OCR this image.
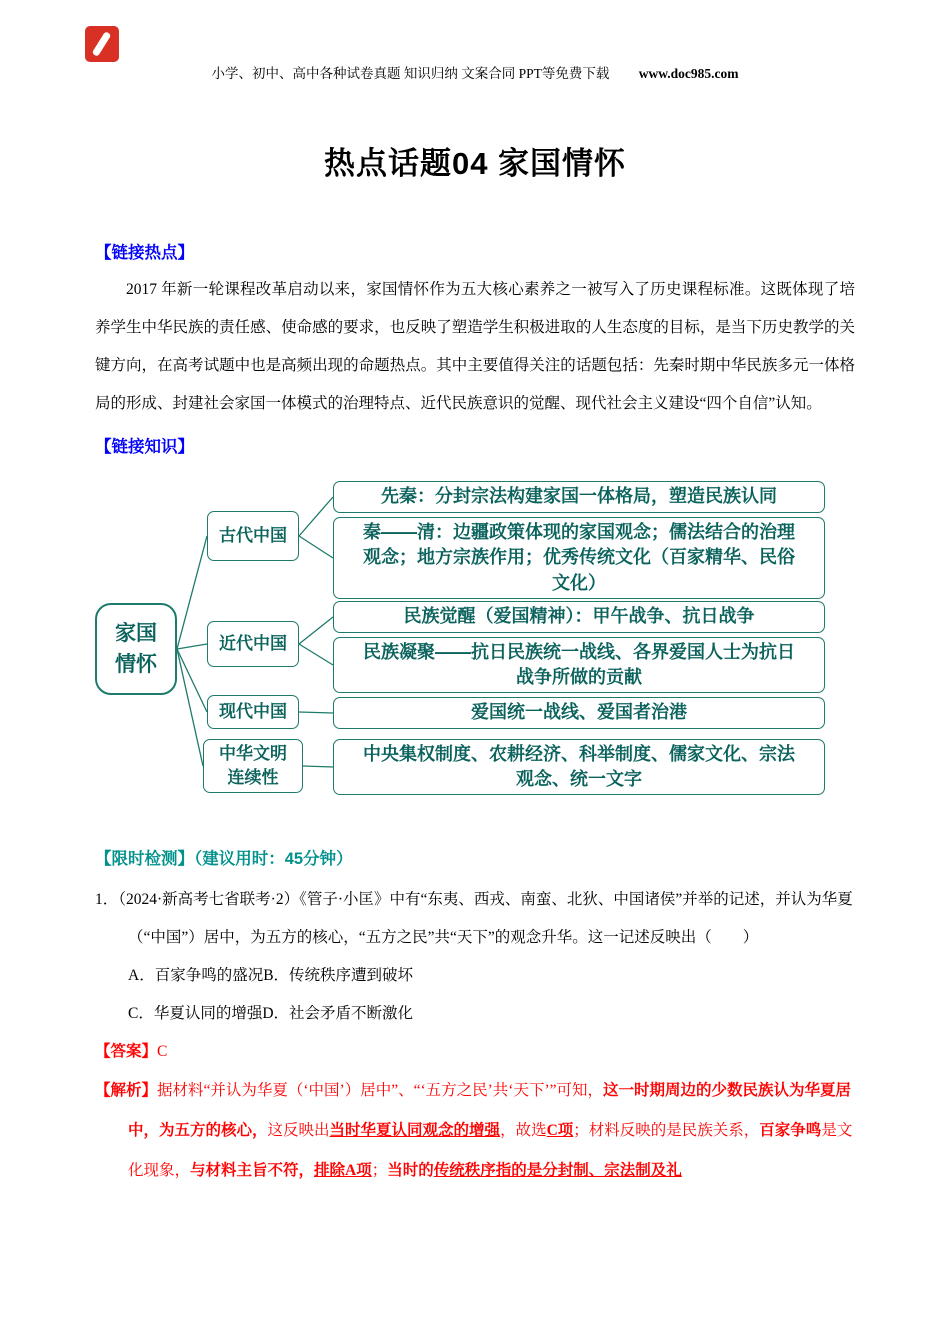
小学、初中、高中各种试卷真题 知识归纳 文案合同 PPT等免费下载 www.doc985.com
热点话题04 家国情怀
【链接热点】

2017 年新一轮课程改革启动以来，家国情怀作为五大核心素养之一被写入了历史课程标准。这既体现了培养学生中华民族的责任感、使命感的要求，也反映了塑造学生积极进取的人生态度的目标，是当下历史教学的关键方向，在高考试题中也是高频出现的命题热点。其中主要值得关注的话题包括：先秦时期中华民族多元一体格局的形成、封建社会家国一体模式的治理特点、近代民族意识的觉醒、现代社会主义建设“四个自信”认知。

【链接知识】
家国情怀
古代中国
近代中国
现代中国
中华文明连续性
先秦：分封宗法构建家国一体格局，塑造民族认同
秦——清：边疆政策体现的家国观念；儒法结合的治理观念；地方宗族作用；优秀传统文化（百家精华、民俗文化）
民族觉醒（爱国精神）：甲午战争、抗日战争
民族凝聚——抗日民族统一战线、各界爱国人士为抗日战争所做的贡献
爱国统一战线、爱国者治港
中央集权制度、农耕经济、科举制度、儒家文化、宗法观念、统一文字
【限时检测】（建议用时：45分钟）
1．（2024·新高考七省联考·2）《管子·小匡》中有“东夷、西戎、南蛮、北狄、中国诸侯”并举的记述，并认为华夏（“中国”）居中，为五方的核心，“五方之民”共“天下”的观念升华。这一记述反映出（　　）
A．百家争鸣的盛况B．传统秩序遭到破坏
C．华夏认同的增强D．社会矛盾不断激化
【答案】C
【解析】据材料“并认为华夏（‘中国’）居中”、“‘五方之民’共‘天下’”可知，这一时期周边的少数民族认为华夏居中，为五方的核心，这反映出当时华夏认同观念的增强，故选C项；材料反映的是民族关系，百家争鸣是文化现象，与材料主旨不符，排除A项；当时的传统秩序指的是分封制、宗法制及礼
